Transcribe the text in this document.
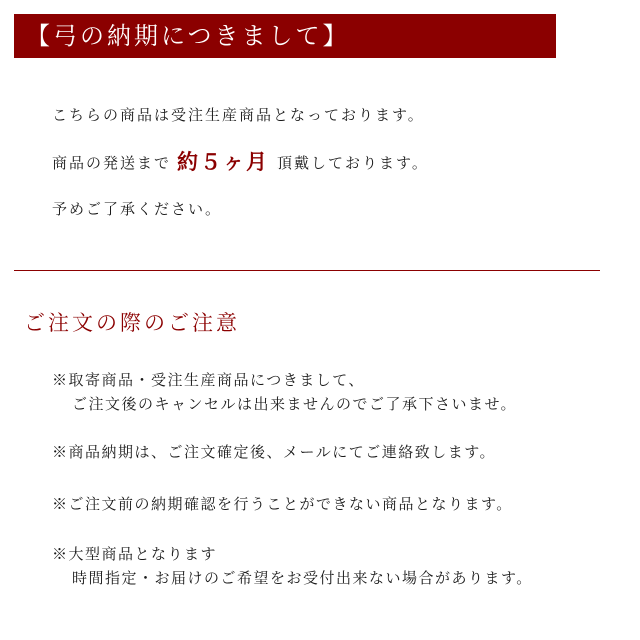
【弓の納期につきまして】
こちらの商品は受注生産商品となっております。
商品の発送まで 約５ヶ月 頂戴しております。
予めご了承ください。
ご注文の際のご注意
※取寄商品・受注生産商品につきまして、
ご注文後のキャンセルは出来ませんのでご了承下さいませ。
※商品納期は、ご注文確定後、メールにてご連絡致します。
※ご注文前の納期確認を行うことができない商品となります。
※大型商品となります
時間指定・お届けのご希望をお受付出来ない場合があります。
